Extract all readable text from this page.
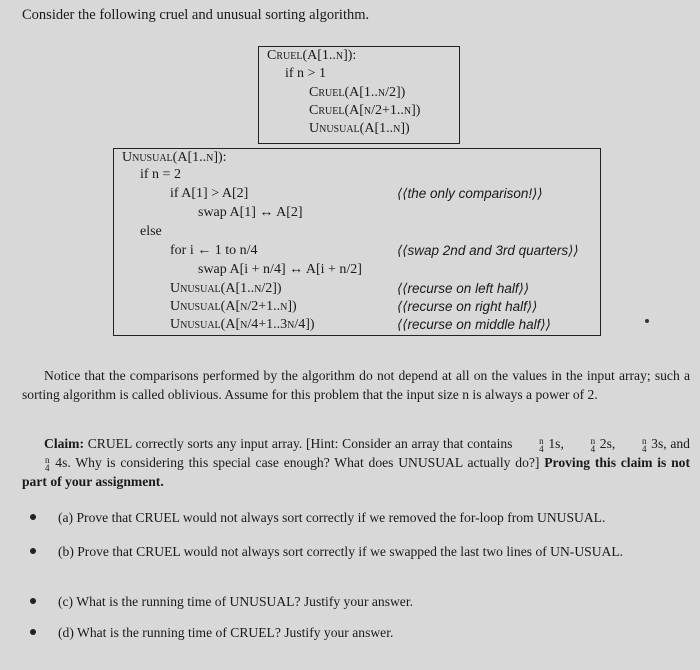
Consider the following cruel and unusual sorting algorithm.
Cruel(A[1..n]):
if n > 1
Cruel(A[1..n/2])
Cruel(A[n/2+1..n])
Unusual(A[1..n])
Unusual(A[1..n]):
if n = 2
if A[1] > A[2]	⟨⟨the only comparison!⟩⟩
swap A[1] ↔ A[2]
else
for i ← 1 to n/4	⟨⟨swap 2nd and 3rd quarters⟩⟩
swap A[i + n/4] ↔ A[i + n/2]
Unusual(A[1..n/2])	⟨⟨recurse on left half⟩⟩
Unusual(A[n/2+1..n])	⟨⟨recurse on right half⟩⟩
Unusual(A[n/4+1..3n/4])	⟨⟨recurse on middle half⟩⟩
Notice that the comparisons performed by the algorithm do not depend at all on the values in the input array; such a sorting algorithm is called oblivious. Assume for this problem that the input size n is always a power of 2.
Claim: CRUEL correctly sorts any input array. [Hint: Consider an array that contains	n
4 1s,	n
4 2s,	n
4 3s, and
n
4 4s. Why is considering this special case enough? What does UNUSUAL actually do?] Proving this claim is not part of your assignment.
(a) Prove that CRUEL would not always sort correctly if we removed the for-loop from UNUSUAL.
(b) Prove that CRUEL would not always sort correctly if we swapped the last two lines of UN-USUAL.
(c) What is the running time of UNUSUAL? Justify your answer.
(d) What is the running time of CRUEL? Justify your answer.
